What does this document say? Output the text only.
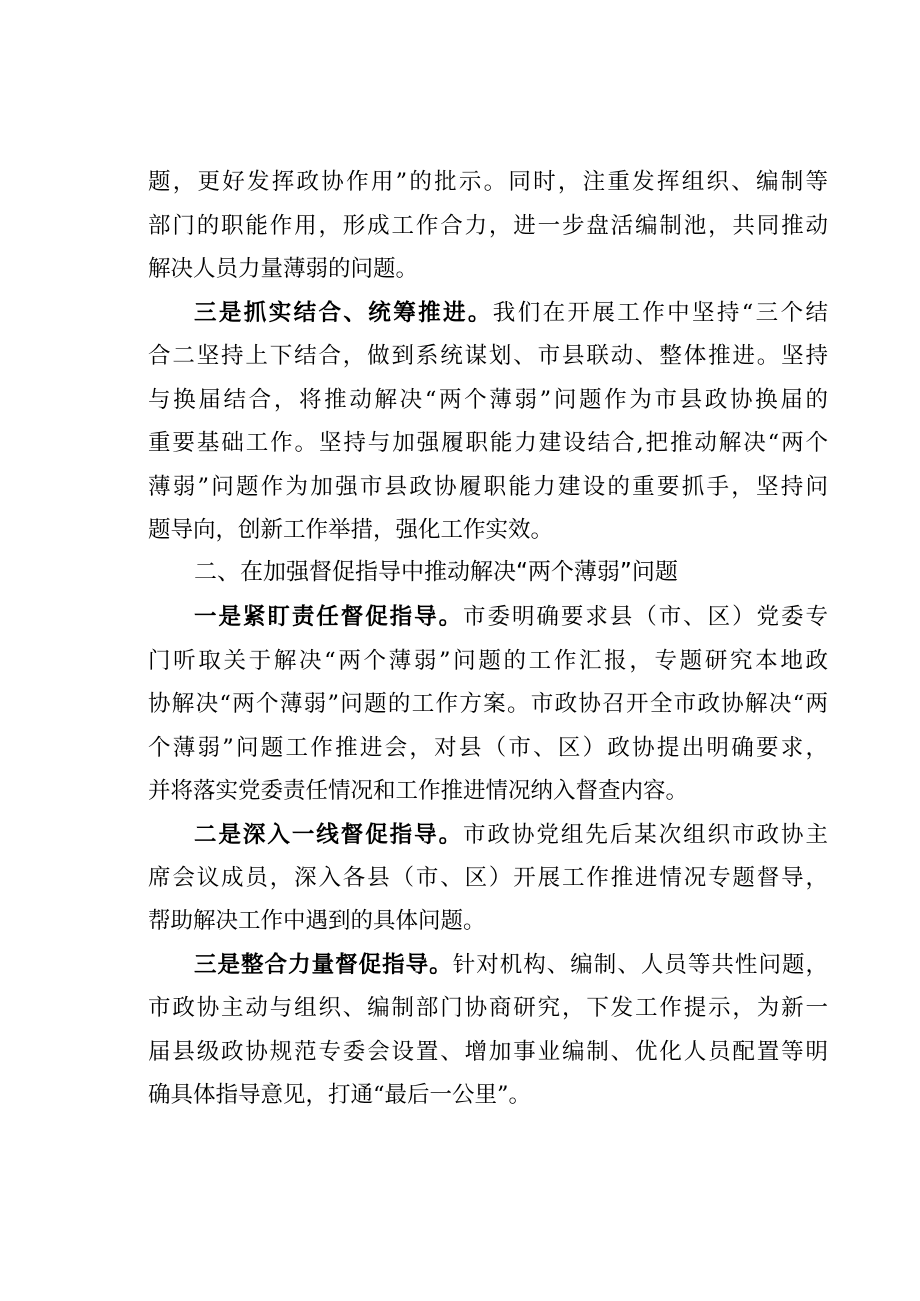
题，更好发挥政协作用”的批示。同时，注重发挥组织、编制等
部门的职能作用，形成工作合力，进一步盘活编制池，共同推动
解决人员力量薄弱的问题。
三是抓实结合、统筹推进。我们在开展工作中坚持“三个结
合二坚持上下结合，做到系统谋划、市县联动、整体推进。坚持
与换届结合，将推动解决“两个薄弱”问题作为市县政协换届的
重要基础工作。坚持与加强履职能力建设结合,把推动解决“两个
薄弱”问题作为加强市县政协履职能力建设的重要抓手，坚持问
题导向，创新工作举措，强化工作实效。
二、在加强督促指导中推动解决“两个薄弱”问题
一是紧盯责任督促指导。市委明确要求县（市、区）党委专
门听取关于解决“两个薄弱”问题的工作汇报，专题研究本地政
协解决“两个薄弱”问题的工作方案。市政协召开全市政协解决“两
个薄弱”问题工作推进会，对县（市、区）政协提出明确要求，
并将落实党委责任情况和工作推进情况纳入督查内容。
二是深入一线督促指导。市政协党组先后某次组织市政协主
席会议成员，深入各县（市、区）开展工作推进情况专题督导，
帮助解决工作中遇到的具体问题。
三是整合力量督促指导。针对机构、编制、人员等共性问题，
市政协主动与组织、编制部门协商研究，下发工作提示，为新一
届县级政协规范专委会设置、增加事业编制、优化人员配置等明
确具体指导意见，打通“最后一公里”。
